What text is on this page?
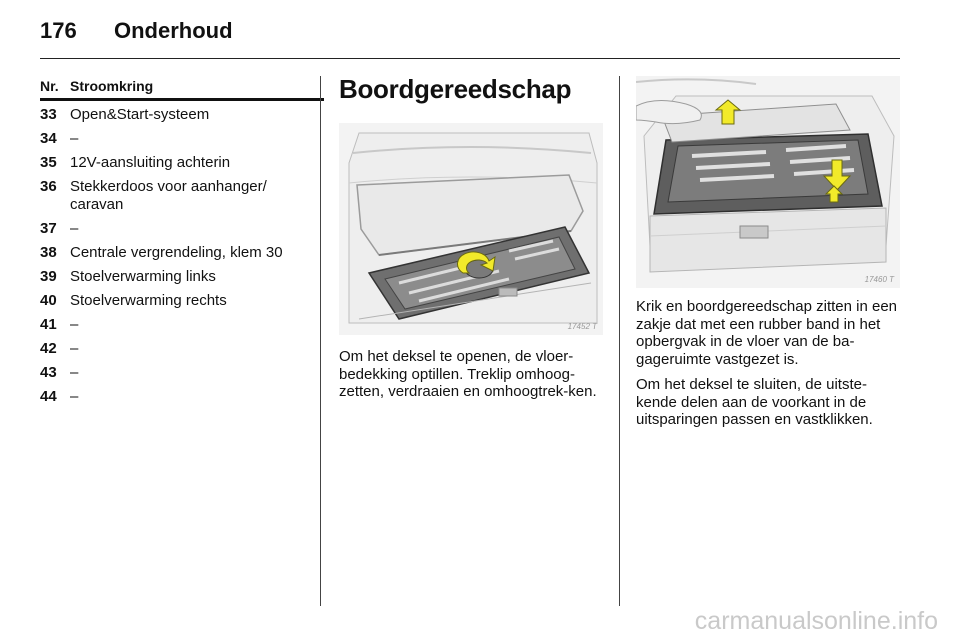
176 Onderhoud
Nr. Stroomkring
33 Open&Start-systeem
34 –
35 12V-aansluiting achterin
36 Stekkerdoos voor aanhanger/ caravan
37 –
38 Centrale vergrendeling, klem 30
39 Stoelverwarming links
40 Stoelverwarming rechts
41 –
42 –
43 –
44 –
Boordgereedschap
17452 T
Om het deksel te openen, de vloer-bedekking optillen. Treklip omhoog-zetten, verdraaien en omhoogtrek-ken.
17460 T
Krik en boordgereedschap zitten in een zakje dat met een rubber band in het opbergvak in de vloer van de ba-gageruimte vastgezet is.
Om het deksel te sluiten, de uitste-kende delen aan de voorkant in de uitsparingen passen en vastklikken.
carmanualsonline.info
